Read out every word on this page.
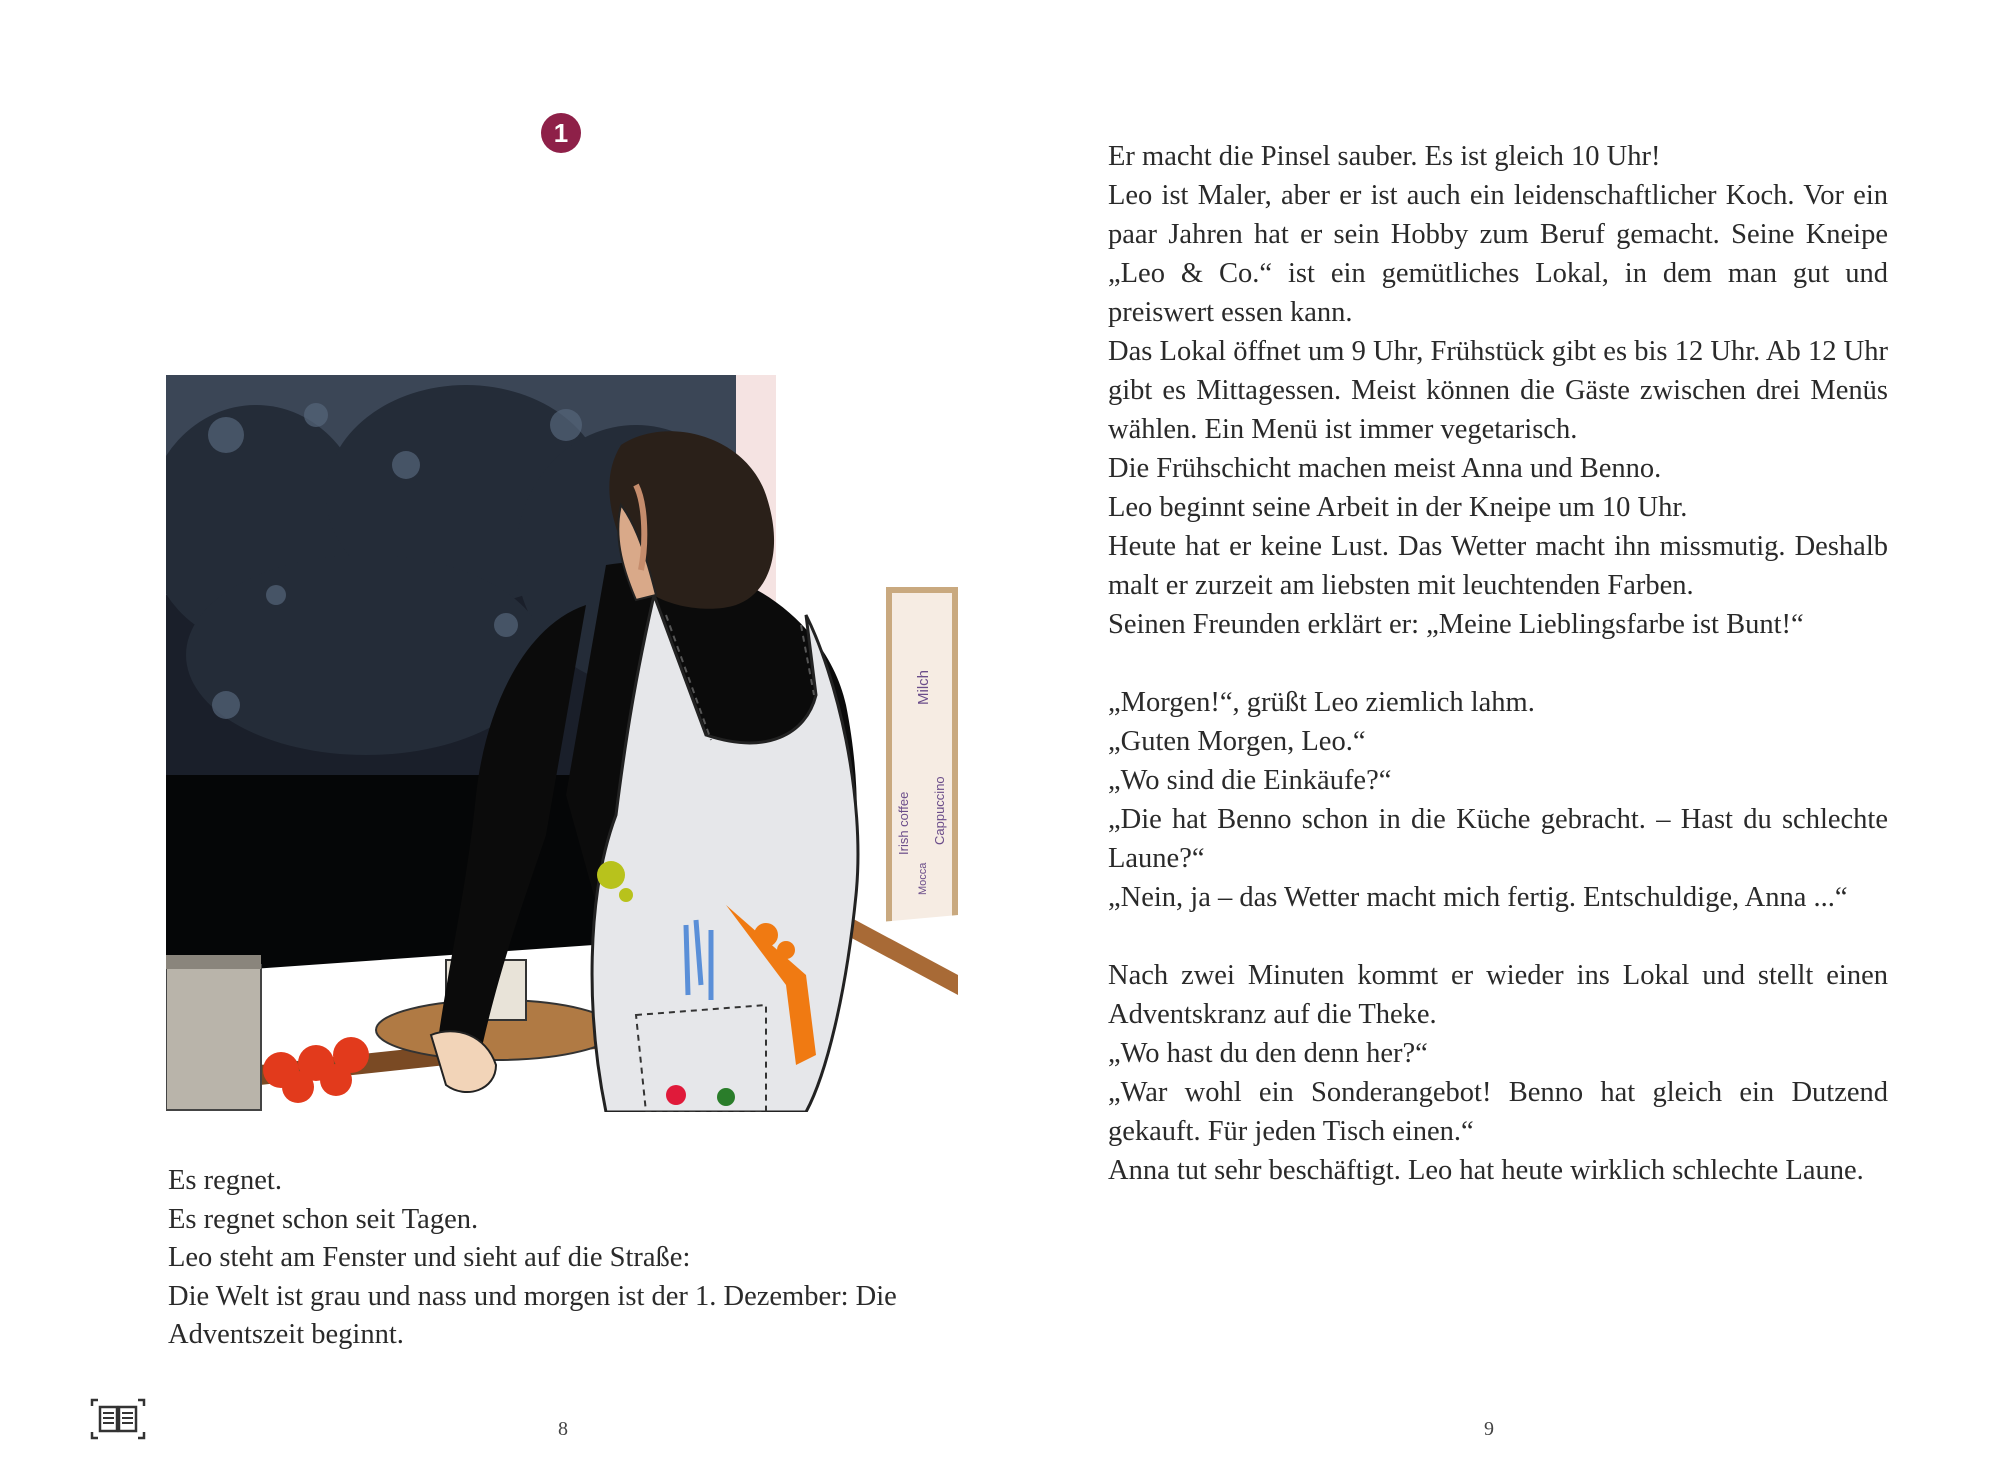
1
Milch
Irish coffee Cappuccino
Mocca

Es regnet.

Es regnet schon seit Tagen.

Leo steht am Fenster und sieht auf die Straße:

Die Welt ist grau und nass und morgen ist der 1. Dezember: Die Adventszeit beginnt.

8

Er macht die Pinsel sauber. Es ist gleich 10 Uhr!

Leo ist Maler, aber er ist auch ein leidenschaftlicher Koch. Vor ein paar Jahren hat er sein Hobby zum Beruf gemacht. Seine Kneipe „Leo & Co.“ ist ein gemütliches Lokal, in dem man gut und preiswert essen kann.

Das Lokal öffnet um 9 Uhr, Frühstück gibt es bis 12 Uhr. Ab 12 Uhr gibt es Mittagessen. Meist können die Gäste zwischen drei Menüs wählen. Ein Menü ist immer vegetarisch.

Die Frühschicht machen meist Anna und Benno.

Leo beginnt seine Arbeit in der Kneipe um 10 Uhr.

Heute hat er keine Lust. Das Wetter macht ihn missmutig. Deshalb malt er zurzeit am liebsten mit leuchtenden Farben.

Seinen Freunden erklärt er: „Meine Lieblingsfarbe ist Bunt!“

„Morgen!“, grüßt Leo ziemlich lahm.

„Guten Morgen, Leo.“

„Wo sind die Einkäufe?“

„Die hat Benno schon in die Küche gebracht. – Hast du schlechte Laune?“

„Nein, ja – das Wetter macht mich fertig. Entschuldige, Anna ...“

Nach zwei Minuten kommt er wieder ins Lokal und stellt einen Adventskranz auf die Theke.

„Wo hast du den denn her?“

„War wohl ein Sonderangebot! Benno hat gleich ein Dutzend gekauft. Für jeden Tisch einen.“

Anna tut sehr beschäftigt. Leo hat heute wirklich schlechte Laune.

9
